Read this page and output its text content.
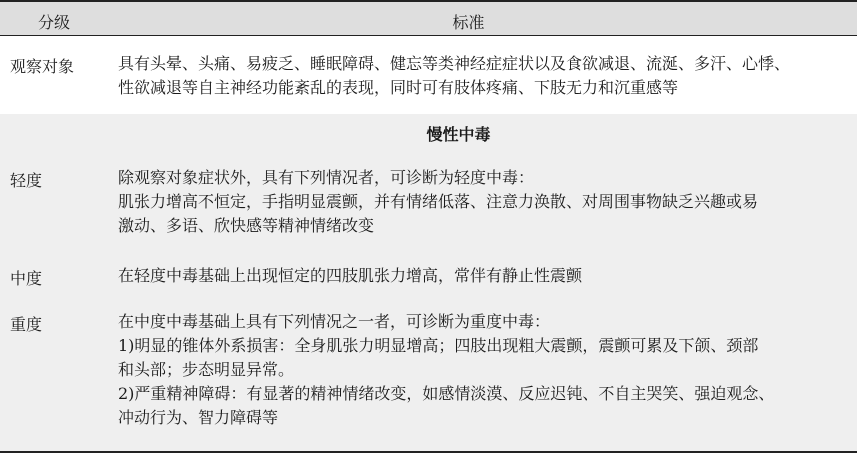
分级	标准
观察对象	具有头晕、头痛、易疲乏、睡眠障碍、健忘等类神经症症状以及食欲减退、流涎、多汗、心悸、
性欲减退等自主神经功能紊乱的表现，同时可有肢体疼痛、下肢无力和沉重感等
慢性中毒
轻度	除观察对象症状外，具有下列情况者，可诊断为轻度中毒：
肌张力增高不恒定，手指明显震颤，并有情绪低落、注意力涣散、对周围事物缺乏兴趣或易
激动、多语、欣快感等精神情绪改变
中度	在轻度中毒基础上出现恒定的四肢肌张力增高，常伴有静止性震颤
重度	在中度中毒基础上具有下列情况之一者，可诊断为重度中毒：
1)明显的锥体外系损害：全身肌张力明显增高；四肢出现粗大震颤，震颤可累及下颌、颈部
和头部；步态明显异常。
2)严重精神障碍：有显著的精神情绪改变，如感情淡漠、反应迟钝、不自主哭笑、强迫观念、
冲动行为、智力障碍等
